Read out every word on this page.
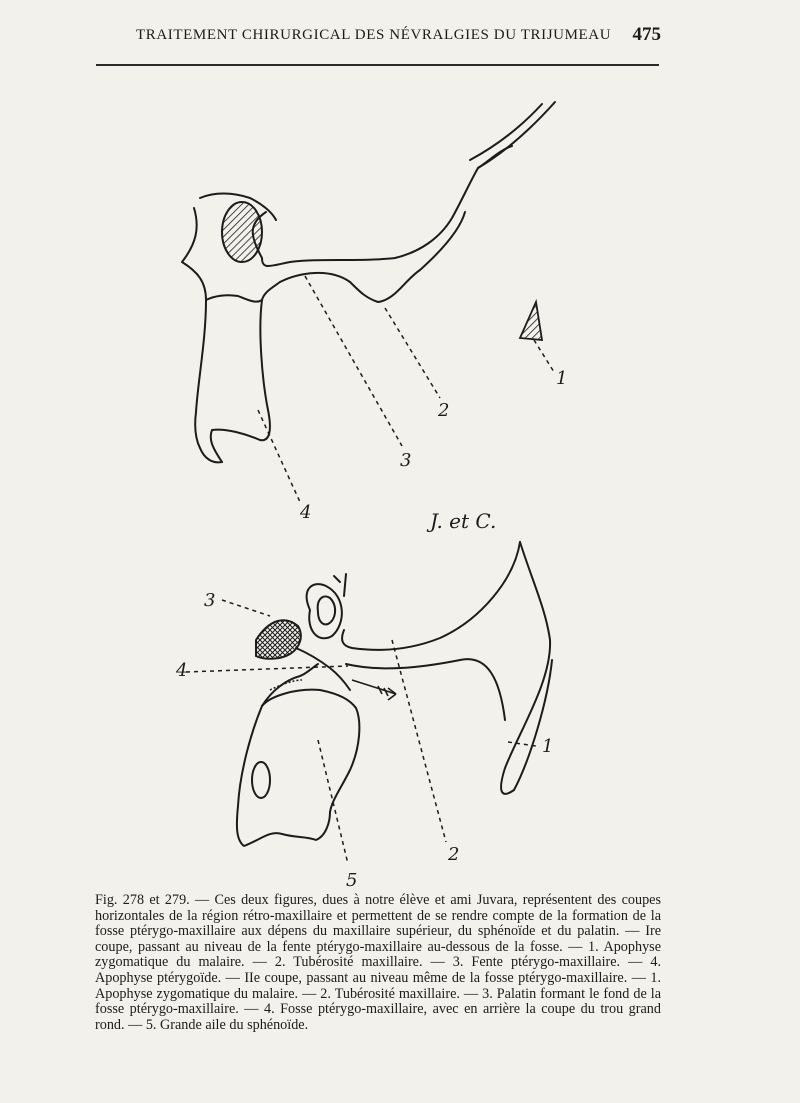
TRAITEMENT CHIRURGICAL DES NÉVRALGIES DU TRIJUMEAU 475
1
2
3
4	J. et C.
3
4
1
2
5
Fig. 278 et 279. — Ces deux figures, dues à notre élève et ami Juvara, représentent des coupes horizontales de la région rétro-maxillaire et permettent de se rendre compte de la formation de la fosse ptérygo-maxillaire aux dépens du maxillaire supérieur, du sphénoïde et du palatin. — Ire coupe, passant au niveau de la fente ptérygo-maxillaire au-dessous de la fosse. — 1. Apophyse zygomatique du malaire. — 2. Tubérosité maxillaire. — 3. Fente ptérygo-maxillaire. — 4. Apophyse ptérygoïde. — IIe coupe, passant au niveau même de la fosse ptérygo-maxillaire. — 1. Apophyse zygomatique du malaire. — 2. Tubérosité maxillaire. — 3. Palatin formant le fond de la fosse ptérygo-maxillaire. — 4. Fosse ptérygo-maxillaire, avec en arrière la coupe du trou grand rond. — 5. Grande aile du sphénoïde.
